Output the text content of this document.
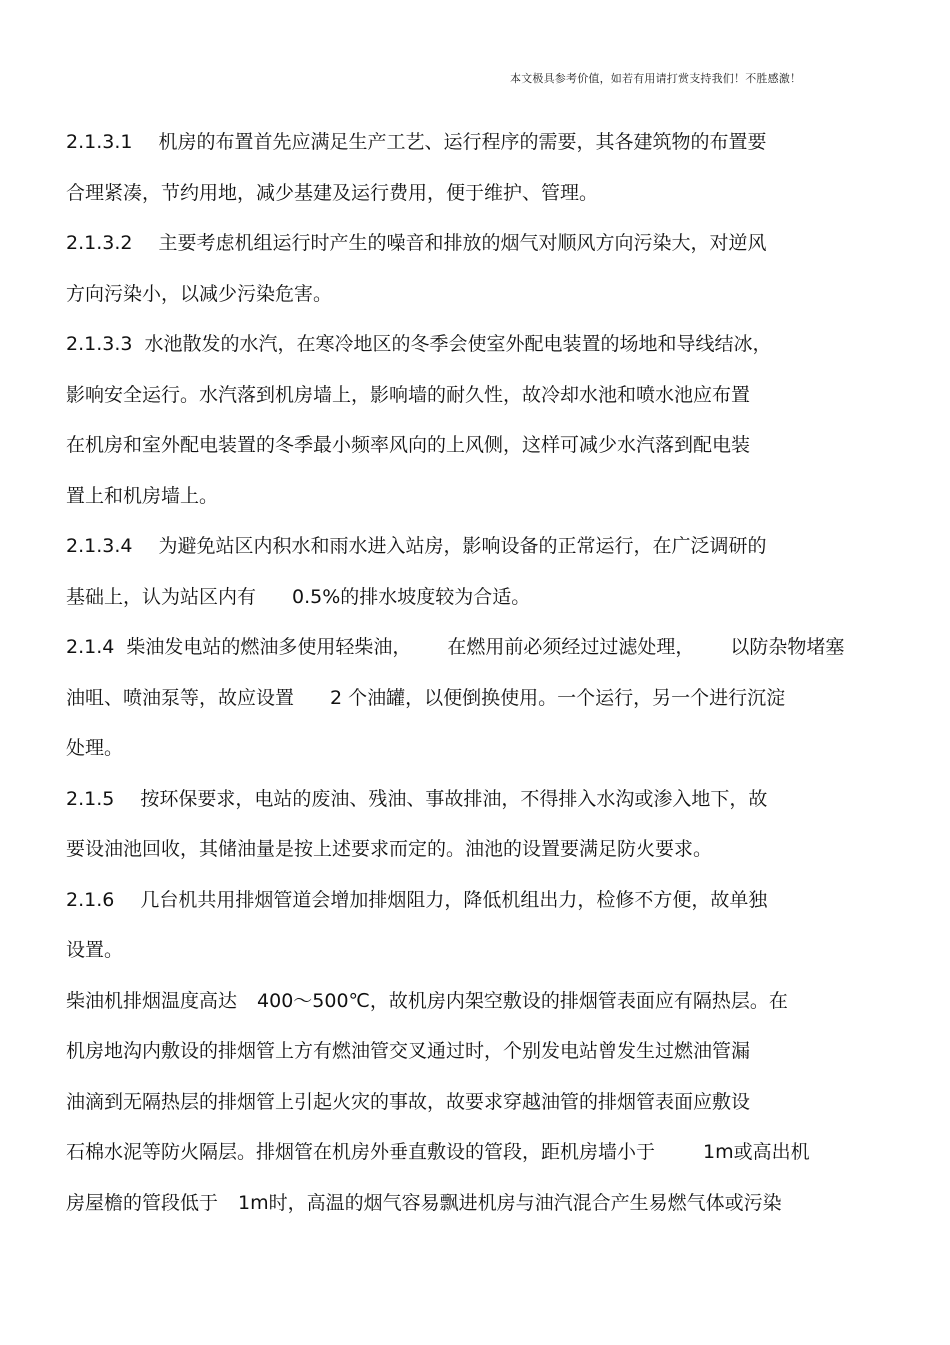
本文极具参考价值，如若有用请打赏支持我们！不胜感激！
2.1.3.1 机房的布置首先应满足生产工艺、运行程序的需要，其各建筑物的布置要
合理紧凑，节约用地，减少基建及运行费用，便于维护、管理。
2.1.3.2 主要考虑机组运行时产生的噪音和排放的烟气对顺风方向污染大，对逆风
方向污染小，以减少污染危害。
2.1.3.3 水池散发的水汽，在寒冷地区的冬季会使室外配电装置的场地和导线结冰，
影响安全运行。水汽落到机房墙上，影响墙的耐久性，故冷却水池和喷水池应布置
在机房和室外配电装置的冬季最小频率风向的上风侧，这样可减少水汽落到配电装
置上和机房墙上。
2.1.3.4 为避免站区内积水和雨水进入站房，影响设备的正常运行，在广泛调研的
基础上，认为站区内有 0.5%的排水坡度较为合适。
2.1.4 柴油发电站的燃油多使用轻柴油， 在燃用前必须经过过滤处理， 以防杂物堵塞
油咀、喷油泵等，故应设置 2 个油罐，以便倒换使用。一个运行，另一个进行沉淀
处理。
2.1.5 按环保要求，电站的废油、残油、事故排油，不得排入水沟或渗入地下，故
要设油池回收，其储油量是按上述要求而定的。油池的设置要满足防火要求。
2.1.6 几台机共用排烟管道会增加排烟阻力，降低机组出力，检修不方便，故单独
设置。
柴油机排烟温度高达 400～500℃，故机房内架空敷设的排烟管表面应有隔热层。在
机房地沟内敷设的排烟管上方有燃油管交叉通过时，个别发电站曾发生过燃油管漏
油滴到无隔热层的排烟管上引起火灾的事故，故要求穿越油管的排烟管表面应敷设
石棉水泥等防火隔层。排烟管在机房外垂直敷设的管段，距机房墙小于	1m或高出机
房屋檐的管段低于 1m时，高温的烟气容易飘进机房与油汽混合产生易燃气体或污染
